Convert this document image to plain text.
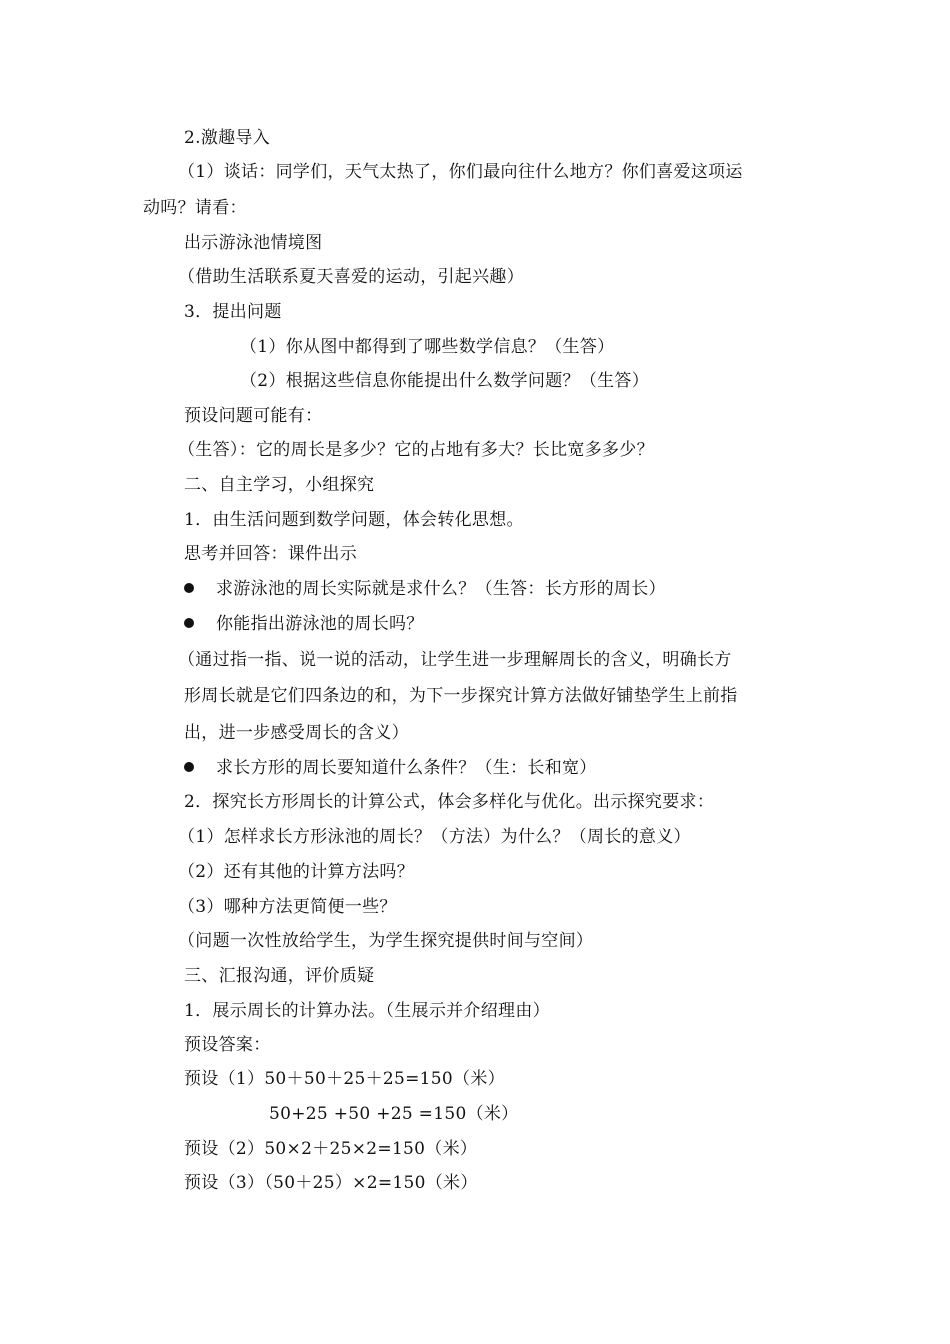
2.激趣导入
（1）谈话：同学们，天气太热了，你们最向往什么地方？你们喜爱这项运
动吗？请看：
出示游泳池情境图
（借助生活联系夏天喜爱的运动，引起兴趣）
3．提出问题
（1）你从图中都得到了哪些数学信息？（生答）
（2）根据这些信息你能提出什么数学问题？（生答）
预设问题可能有：
（生答）：它的周长是多少？它的占地有多大？长比宽多多少？
二、自主学习，小组探究
1．由生活问题到数学问题，体会转化思想。
思考并回答：课件出示
求游泳池的周长实际就是求什么？（生答：长方形的周长）
你能指出游泳池的周长吗？
（通过指一指、说一说的活动，让学生进一步理解周长的含义，明确长方
形周长就是它们四条边的和，为下一步探究计算方法做好铺垫学生上前指
出，进一步感受周长的含义）
求长方形的周长要知道什么条件？（生：长和宽）
2．探究长方形周长的计算公式，体会多样化与优化。出示探究要求：
（1）怎样求长方形泳池的周长？（方法）为什么？（周长的意义）
（2）还有其他的计算方法吗？
（3）哪种方法更简便一些？
（问题一次性放给学生，为学生探究提供时间与空间）
三、汇报沟通，评价质疑
1．展示周长的计算办法。（生展示并介绍理由）
预设答案：
预设（1）50＋50＋25＋25=150（米）
50+25 +50 +25 =150（米）
预设（2）50×2＋25×2=150（米）
预设（3）（50＋25）×2=150（米）
